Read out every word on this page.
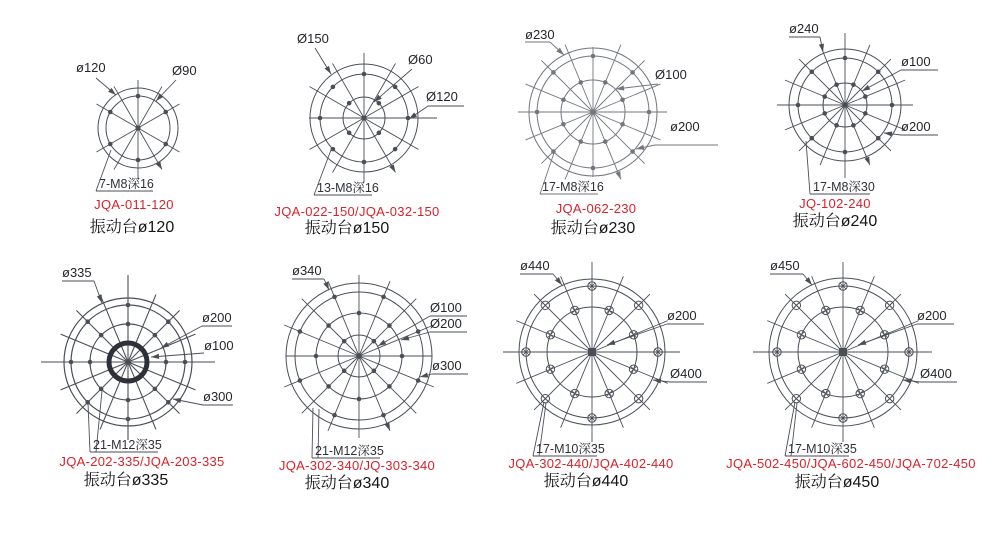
ø120	Ø90
7-M8深16
JQA-011-120
振动台ø120
Ø150
Ø60
Ø120
13-M8深16
JQA-022-150/JQA-032-150
振动台ø150
ø230
Ø100
ø200
17-M8深16
JQA-062-230
振动台ø230
ø240
ø100
ø200
17-M8深30
JQ-102-240
振动台ø240
ø335
ø200
ø100
ø300
21-M12深35
JQA-202-335/JQA-203-335
振动台ø335
ø340
Ø100
Ø200
ø300
21-M12深35
JQA-302-340/JQ-303-340
振动台ø340
ø440
ø200
Ø400
17-M10深35
JQA-302-440/JQA-402-440
振动台ø440
ø450
ø200
Ø400
17-M10深35
JQA-502-450/JQA-602-450/JQA-702-450
振动台ø450
